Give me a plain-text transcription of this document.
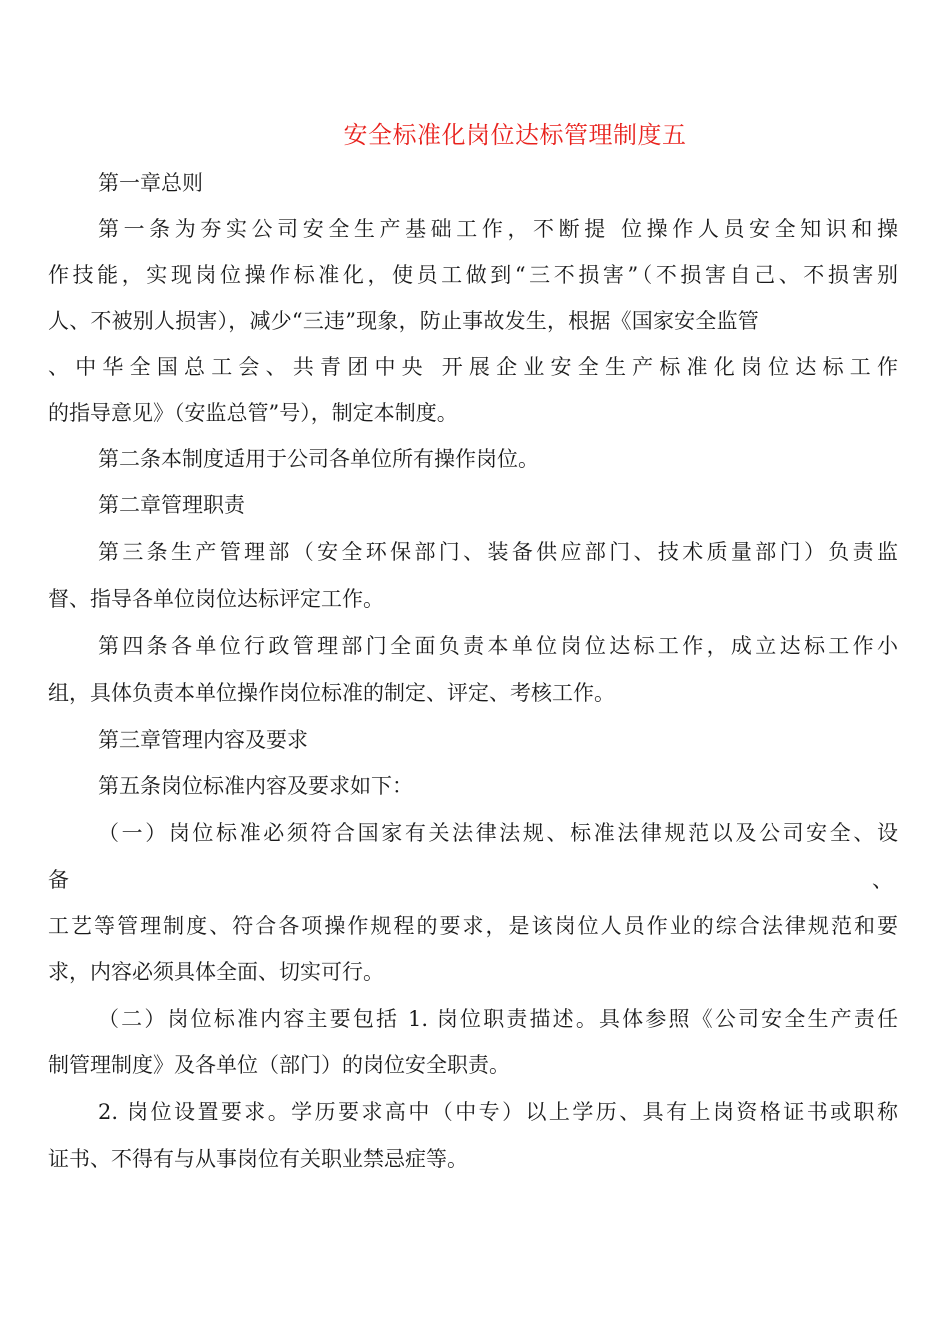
安全标准化岗位达标管理制度五
第一章总则
第一条为夯实公司安全生产基础工作，不断提 位操作人员安全知识和操
作技能，实现岗位操作标准化，使员工做到“三不损害”（不损害自己、不损害别
人、不被别人损害），减少“三违”现象，防止事故发生，根据《国家安全监管
、中华全国总工会、共青团中央 开展企业安全生产标准化岗位达标工作
的指导意见》（安监总管”号），制定本制度。
第二条本制度适用于公司各单位所有操作岗位。
第二章管理职责
第三条生产管理部（安全环保部门、装备供应部门、技术质量部门）负责监
督、指导各单位岗位达标评定工作。
第四条各单位行政管理部门全面负责本单位岗位达标工作，成立达标工作小
组，具体负责本单位操作岗位标准的制定、评定、考核工作。
第三章管理内容及要求
第五条岗位标准内容及要求如下：
（一）岗位标准必须符合国家有关法律法规、标准法律规范以及公司安全、设
备	、
工艺等管理制度、符合各项操作规程的要求，是该岗位人员作业的综合法律规范和要
求，内容必须具体全面、切实可行。
（二）岗位标准内容主要包括 1. 岗位职责描述。具体参照《公司安全生产责任
制管理制度》及各单位（部门）的岗位安全职责。
2. 岗位设置要求。学历要求高中（中专）以上学历、具有上岗资格证书或职称
证书、不得有与从事岗位有关职业禁忌症等。
